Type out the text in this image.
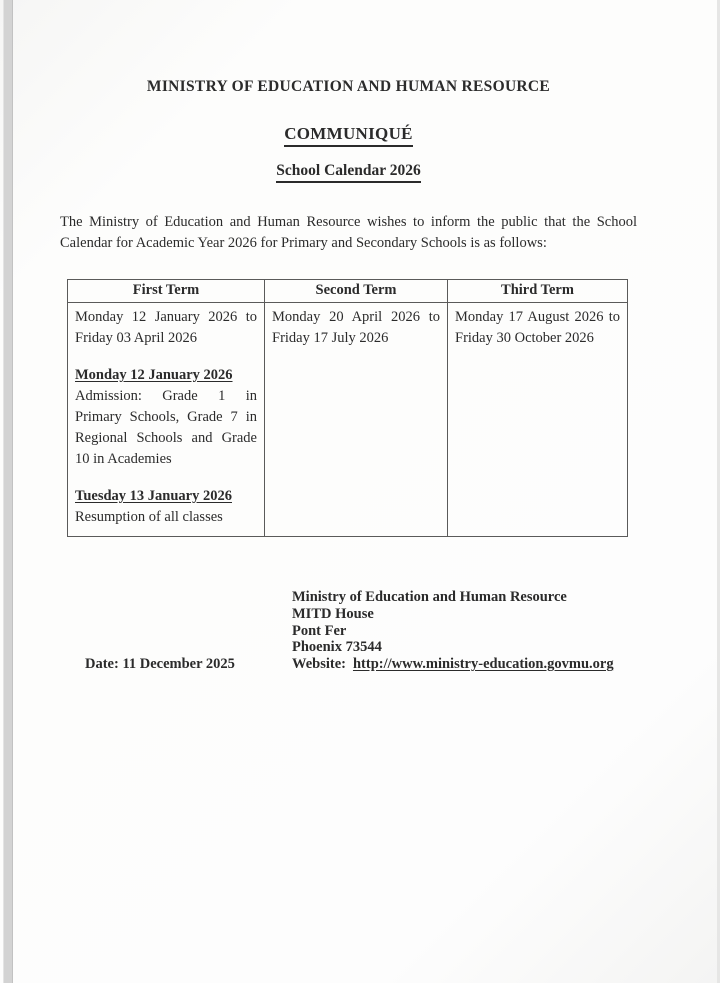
MINISTRY OF EDUCATION AND HUMAN RESOURCE
COMMUNIQUÉ
School Calendar 2026

The Ministry of Education and Human Resource wishes to inform the public that the School Calendar for Academic Year 2026 for Primary and Secondary Schools is as follows:

First Term	Second Term	Third Term

Monday 12 January 2026 to Friday 03 April 2026

Monday 12 January 2026

Admission: Grade 1 in Primary Schools, Grade 7 in Regional Schools and Grade 10 in Academies

Tuesday 13 January 2026

Resumption of all classes	Monday 20 April 2026 to Friday 17 July 2026	Monday 17 August 2026 to Friday 30 October 2026

Date: 11 December 2025
Ministry of Education and Human Resource
MITD House
Pont Fer
Phoenix 73544
Website: http://www.ministry-education.govmu.org
